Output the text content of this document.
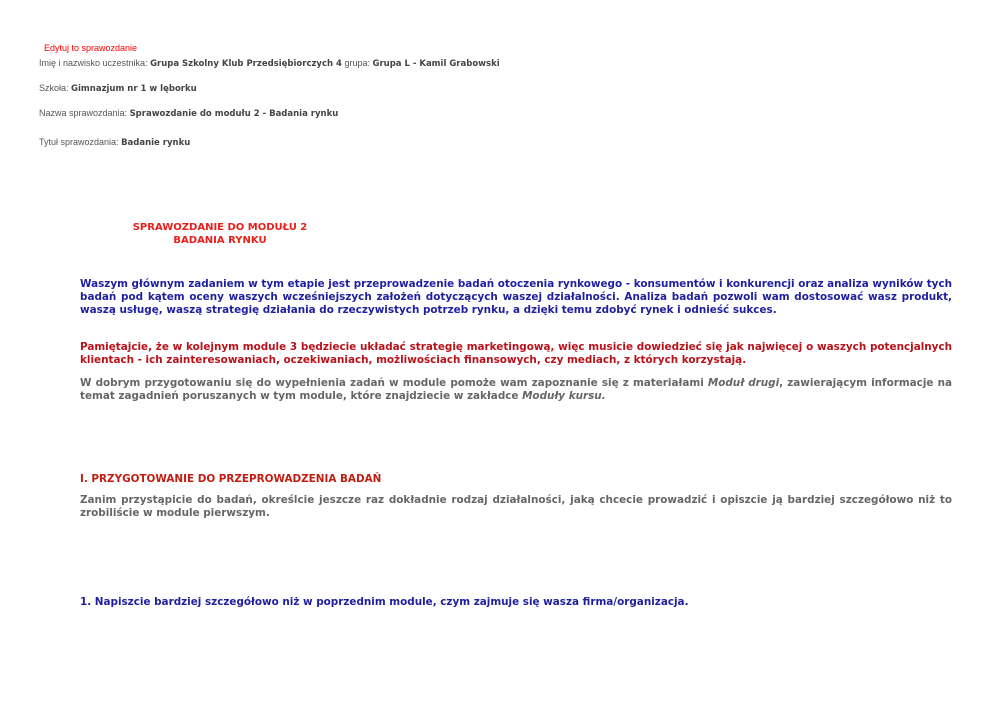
Edytuj to sprawozdanie
Imię i nazwisko uczestnika: Grupa Szkolny Klub Przedsiębiorczych 4 grupa: Grupa L - Kamil Grabowski
Szkoła: Gimnazjum nr 1 w lęborku
Nazwa sprawozdania: Sprawozdanie do modułu 2 - Badania rynku
Tytuł sprawozdania: Badanie rynku
SPRAWOZDANIE DO MODUŁU 2
BADANIA RYNKU

Waszym głównym zadaniem w tym etapie jest przeprowadzenie badań otoczenia rynkowego - konsumentów i konkurencji oraz analiza wyników tych badań pod kątem oceny waszych wcześniejszych założeń dotyczących waszej działalności. Analiza badań pozwoli wam dostosować wasz produkt, waszą usługę, waszą strategię działania do rzeczywistych potrzeb rynku, a dzięki temu zdobyć rynek i odnieść sukces.

Pamiętajcie, że w kolejnym module 3 będziecie układać strategię marketingową, więc musicie dowiedzieć się jak najwięcej o waszych potencjalnych klientach - ich zainteresowaniach, oczekiwaniach, możliwościach finansowych, czy mediach, z których korzystają.

W dobrym przygotowaniu się do wypełnienia zadań w module pomoże wam zapoznanie się z materiałami Moduł drugi, zawierającym informacje na temat zagadnień poruszanych w tym module, które znajdziecie w zakładce Moduły kursu.

I. PRZYGOTOWANIE DO PRZEPROWADZENIA BADAŃ

Zanim przystąpicie do badań, określcie jeszcze raz dokładnie rodzaj działalności, jaką chcecie prowadzić i opiszcie ją bardziej szczegółowo niż to zrobiliście w module pierwszym.

1. Napiszcie bardziej szczegółowo niż w poprzednim module, czym zajmuje się wasza firma/organizacja.
